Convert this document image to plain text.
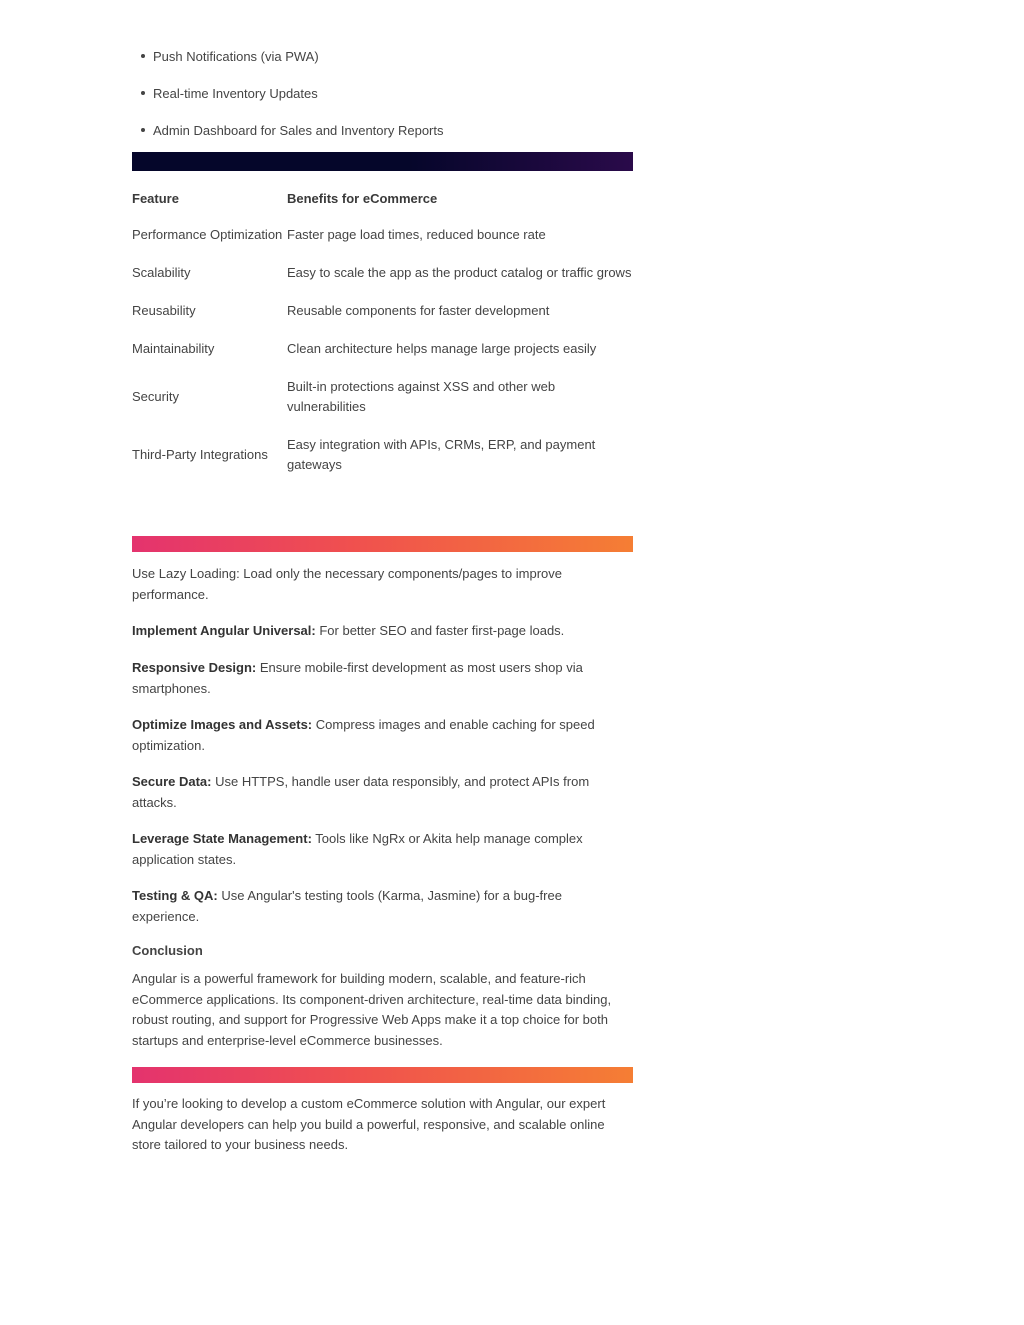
Push Notifications (via PWA)
Real-time Inventory Updates
Admin Dashboard for Sales and Inventory Reports
Feature	Benefits for eCommerce
Performance Optimization	Faster page load times, reduced bounce rate
Scalability	Easy to scale the app as the product catalog or traffic grows
Reusability	Reusable components for faster development
Maintainability	Clean architecture helps manage large projects easily
Security	Built-in protections against XSS and other web vulnerabilities
Third-Party Integrations	Easy integration with APIs, CRMs, ERP, and payment gateways

Use Lazy Loading: Load only the necessary components/pages to improve performance.

Implement Angular Universal: For better SEO and faster first-page loads.

Responsive Design: Ensure mobile-first development as most users shop via smartphones.

Optimize Images and Assets: Compress images and enable caching for speed optimization.

Secure Data: Use HTTPS, handle user data responsibly, and protect APIs from attacks.

Leverage State Management: Tools like NgRx or Akita help manage complex application states.

Testing & QA: Use Angular's testing tools (Karma, Jasmine) for a bug-free experience.

Conclusion

Angular is a powerful framework for building modern, scalable, and feature-rich eCommerce applications. Its component-driven architecture, real-time data binding, robust routing, and support for Progressive Web Apps make it a top choice for both startups and enterprise-level eCommerce businesses.

If you’re looking to develop a custom eCommerce solution with Angular, our expert Angular developers can help you build a powerful, responsive, and scalable online store tailored to your business needs.
